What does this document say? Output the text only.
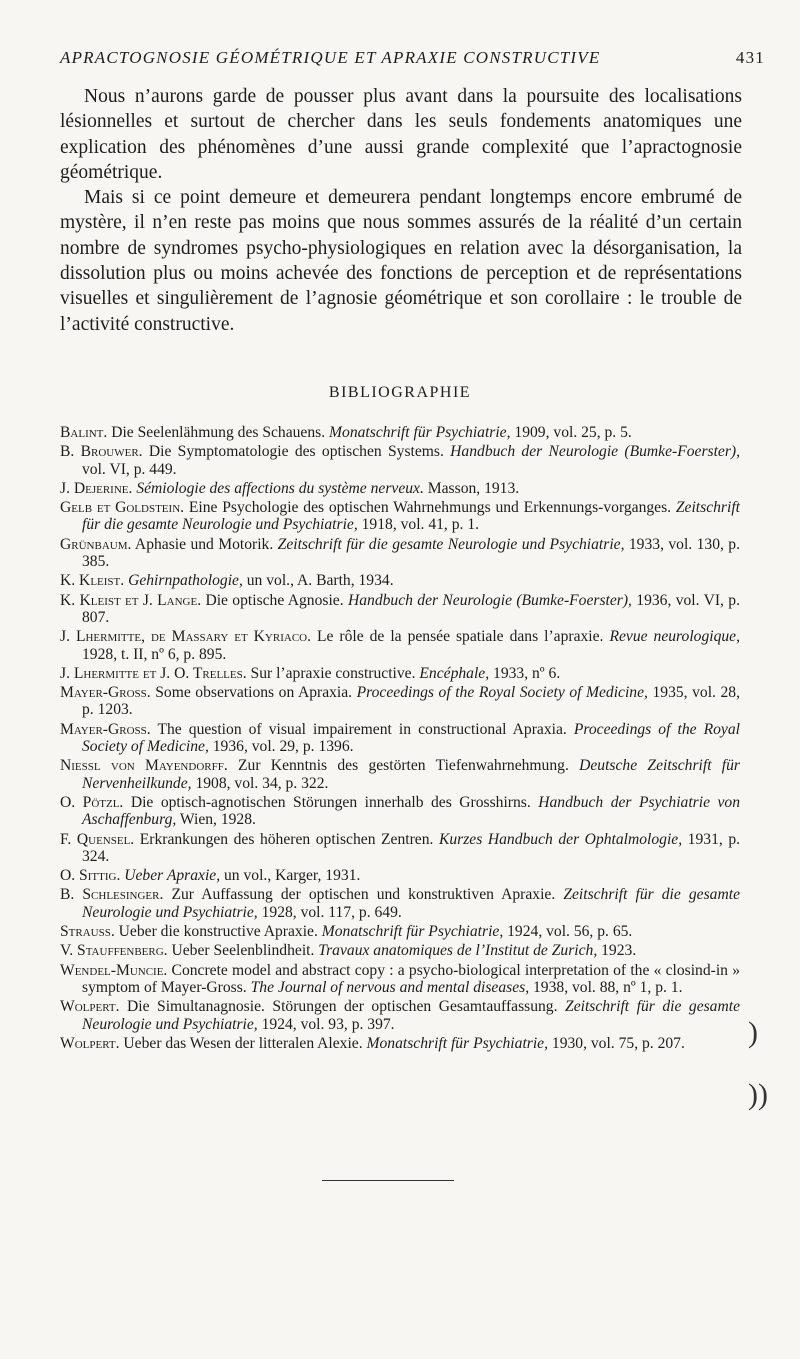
APRACTOGNOSIE GÉOMÉTRIQUE ET APRAXIE CONSTRUCTIVE	431

Nous n’aurons garde de pousser plus avant dans la poursuite des localisations lésionnelles et surtout de chercher dans les seuls fondements anatomiques une explication des phénomènes d’une aussi grande complexité que l’apractognosie géométrique.

Mais si ce point demeure et demeurera pendant longtemps encore embrumé de mystère, il n’en reste pas moins que nous sommes assurés de la réalité d’un certain nombre de syndromes psycho-physiologiques en relation avec la désorganisation, la dissolution plus ou moins achevée des fonctions de perception et de représentations visuelles et singulièrement de l’agnosie géométrique et son corollaire : le trouble de l’activité constructive.

BIBLIOGRAPHIE
Balint. Die Seelenlähmung des Schauens. Monatschrift für Psychiatrie, 1909, vol. 25, p. 5.
B. Brouwer. Die Symptomatologie des optischen Systems. Handbuch der Neurologie (Bumke-Foerster), vol. VI, p. 449.
J. Dejerine. Sémiologie des affections du système nerveux. Masson, 1913.
Gelb et Goldstein. Eine Psychologie des optischen Wahrnehmungs und Erkennungs-vorganges. Zeitschrift für die gesamte Neurologie und Psychiatrie, 1918, vol. 41, p. 1.
Grünbaum. Aphasie und Motorik. Zeitschrift für die gesamte Neurologie und Psychiatrie, 1933, vol. 130, p. 385.
K. Kleist. Gehirnpathologie, un vol., A. Barth, 1934.
K. Kleist et J. Lange. Die optische Agnosie. Handbuch der Neurologie (Bumke-Foerster), 1936, vol. VI, p. 807.
J. Lhermitte, de Massary et Kyriaco. Le rôle de la pensée spatiale dans l’apraxie. Revue neurologique, 1928, t. II, nº 6, p. 895.
J. Lhermitte et J. O. Trelles. Sur l’apraxie constructive. Encéphale, 1933, nº 6.
Mayer-Gross. Some observations on Apraxia. Proceedings of the Royal Society of Medicine, 1935, vol. 28, p. 1203.
Mayer-Gross. The question of visual impairement in constructional Apraxia. Proceedings of the Royal Society of Medicine, 1936, vol. 29, p. 1396.
Niessl von Mayendorff. Zur Kenntnis des gestörten Tiefenwahrnehmung. Deutsche Zeitschrift für Nervenheilkunde, 1908, vol. 34, p. 322.
O. Pötzl. Die optisch-agnotischen Störungen innerhalb des Grosshirns. Handbuch der Psychiatrie von Aschaffenburg, Wien, 1928.
F. Quensel. Erkrankungen des höheren optischen Zentren. Kurzes Handbuch der Ophtalmologie, 1931, p. 324.
O. Sittig. Ueber Apraxie, un vol., Karger, 1931.
B. Schlesinger. Zur Auffassung der optischen und konstruktiven Apraxie. Zeitschrift für die gesamte Neurologie und Psychiatrie, 1928, vol. 117, p. 649.
Strauss. Ueber die konstructive Apraxie. Monatschrift für Psychiatrie, 1924, vol. 56, p. 65.
V. Stauffenberg. Ueber Seelenblindheit. Travaux anatomiques de l’Institut de Zurich, 1923.
Wendel-Muncie. Concrete model and abstract copy : a psycho-biological interpretation of the « closind-in » symptom of Mayer-Gross. The Journal of nervous and mental diseases, 1938, vol. 88, nº 1, p. 1.
Wolpert. Die Simultanagnosie. Störungen der optischen Gesamtauffassung. Zeitschrift für die gesamte Neurologie und Psychiatrie, 1924, vol. 93, p. 397.
Wolpert. Ueber das Wesen der litteralen Alexie. Monatschrift für Psychiatrie, 1930, vol. 75, p. 207.	)
))
